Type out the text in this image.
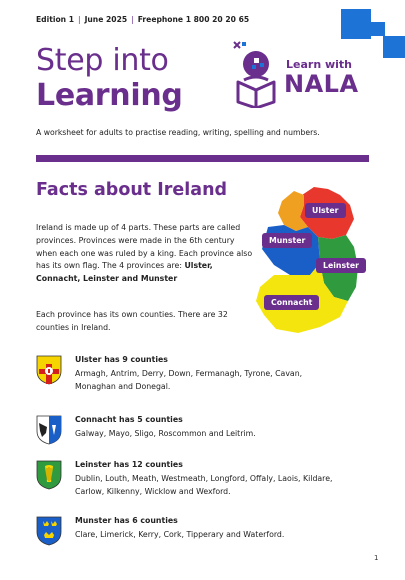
Edition 1 | June 2025 | Freephone 1 800 20 20 65
Step into
Learning
Learn with
NALA
A worksheet for adults to practise reading, writing, spelling and numbers.
Facts about Ireland
Ireland is made up of 4 parts. These parts are called provinces. Provinces were made in the 6th century when each one was ruled by a king. Each province also has its own flag. The 4 provinces are: Ulster, Connacht, Leinster and Munster
Each province has its own counties. There are 32 counties in Ireland.
Ulster
Munster
Leinster
Connacht
Ulster has 9 counties
Armagh, Antrim, Derry, Down, Fermanagh, Tyrone, Cavan, Monaghan and Donegal.
Connacht has 5 counties
Galway, Mayo, Sligo, Roscommon and Leitrim.
Leinster has 12 counties
Dublin, Louth, Meath, Westmeath, Longford, Offaly, Laois, Kildare, Carlow, Kilkenny, Wicklow and Wexford.
Munster has 6 counties
Clare, Limerick, Kerry, Cork, Tipperary and Waterford.
1
